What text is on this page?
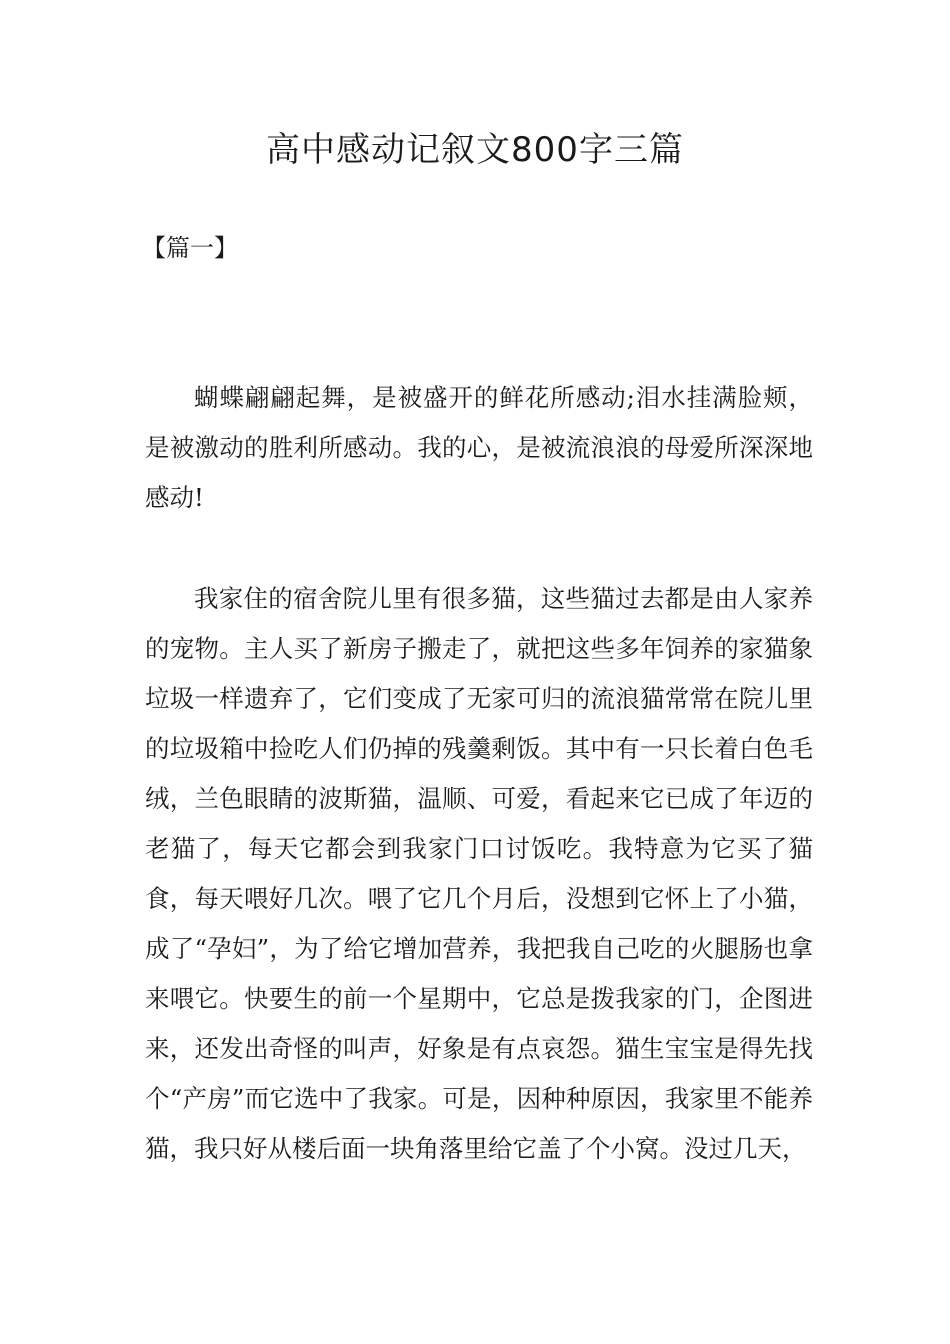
高中感动记叙文800字三篇

【篇一】

蝴蝶翩翩起舞，是被盛开的鲜花所感动;泪水挂满脸颊，是被激动的胜利所感动。我的心，是被流浪浪的母爱所深深地感动!

我家住的宿舍院儿里有很多猫，这些猫过去都是由人家养的宠物。主人买了新房子搬走了，就把这些多年饲养的家猫象垃圾一样遗弃了，它们变成了无家可归的流浪猫常常在院儿里的垃圾箱中捡吃人们仍掉的残羹剩饭。其中有一只长着白色毛绒，兰色眼睛的波斯猫，温顺、可爱，看起来它已成了年迈的老猫了，每天它都会到我家门口讨饭吃。我特意为它买了猫食，每天喂好几次。喂了它几个月后，没想到它怀上了小猫，成了“孕妇”，为了给它增加营养，我把我自己吃的火腿肠也拿来喂它。快要生的前一个星期中，它总是拨我家的门，企图进来，还发出奇怪的叫声，好象是有点哀怨。猫生宝宝是得先找个“产房”而它选中了我家。可是，因种种原因，我家里不能养猫，我只好从楼后面一块角落里给它盖了个小窝。没过几天，
